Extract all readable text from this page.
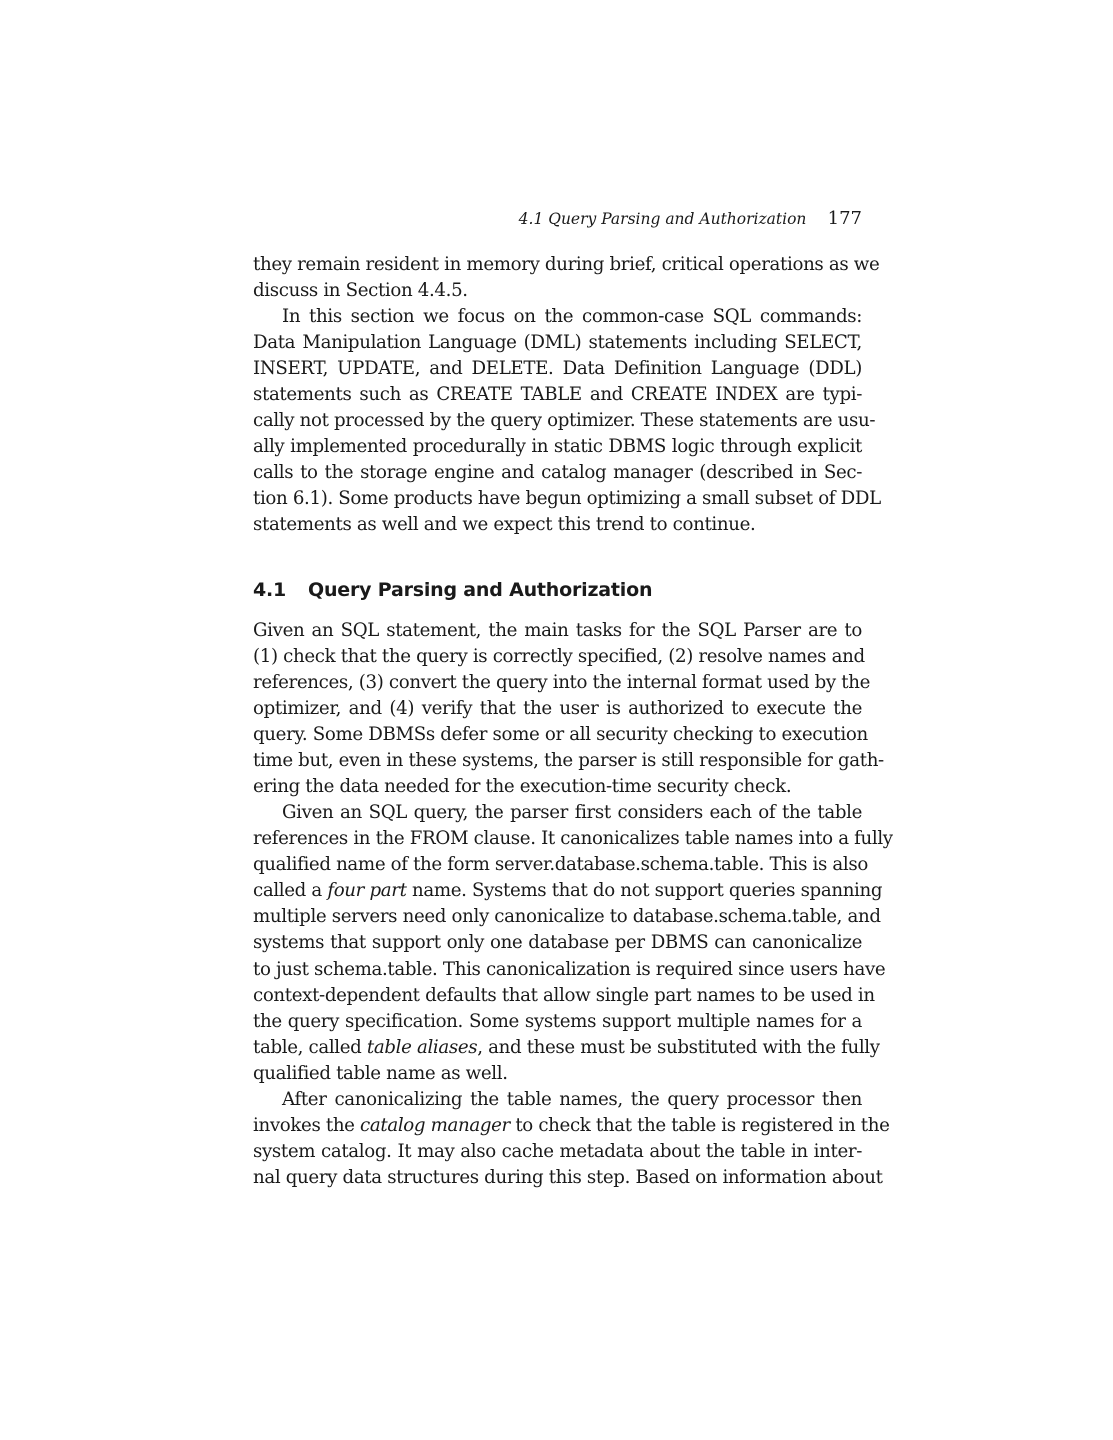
4.1 Query Parsing and Authorization 177
they remain resident in memory during brief, critical operations as we
discuss in Section 4.4.5.
In this section we focus on the common-case SQL commands:
Data Manipulation Language (DML) statements including SELECT,
INSERT, UPDATE, and DELETE. Data Definition Language (DDL)
statements such as CREATE TABLE and CREATE INDEX are typi-
cally not processed by the query optimizer. These statements are usu-
ally implemented procedurally in static DBMS logic through explicit
calls to the storage engine and catalog manager (described in Sec-
tion 6.1). Some products have begun optimizing a small subset of DDL
statements as well and we expect this trend to continue.
4.1 Query Parsing and Authorization
Given an SQL statement, the main tasks for the SQL Parser are to
(1) check that the query is correctly specified, (2) resolve names and
references, (3) convert the query into the internal format used by the
optimizer, and (4) verify that the user is authorized to execute the
query. Some DBMSs defer some or all security checking to execution
time but, even in these systems, the parser is still responsible for gath-
ering the data needed for the execution-time security check.
Given an SQL query, the parser first considers each of the table
references in the FROM clause. It canonicalizes table names into a fully
qualified name of the form server.database.schema.table. This is also
called a four part name. Systems that do not support queries spanning
multiple servers need only canonicalize to database.schema.table, and
systems that support only one database per DBMS can canonicalize
to just schema.table. This canonicalization is required since users have
context-dependent defaults that allow single part names to be used in
the query specification. Some systems support multiple names for a
table, called table aliases, and these must be substituted with the fully
qualified table name as well.
After canonicalizing the table names, the query processor then
invokes the catalog manager to check that the table is registered in the
system catalog. It may also cache metadata about the table in inter-
nal query data structures during this step. Based on information about
